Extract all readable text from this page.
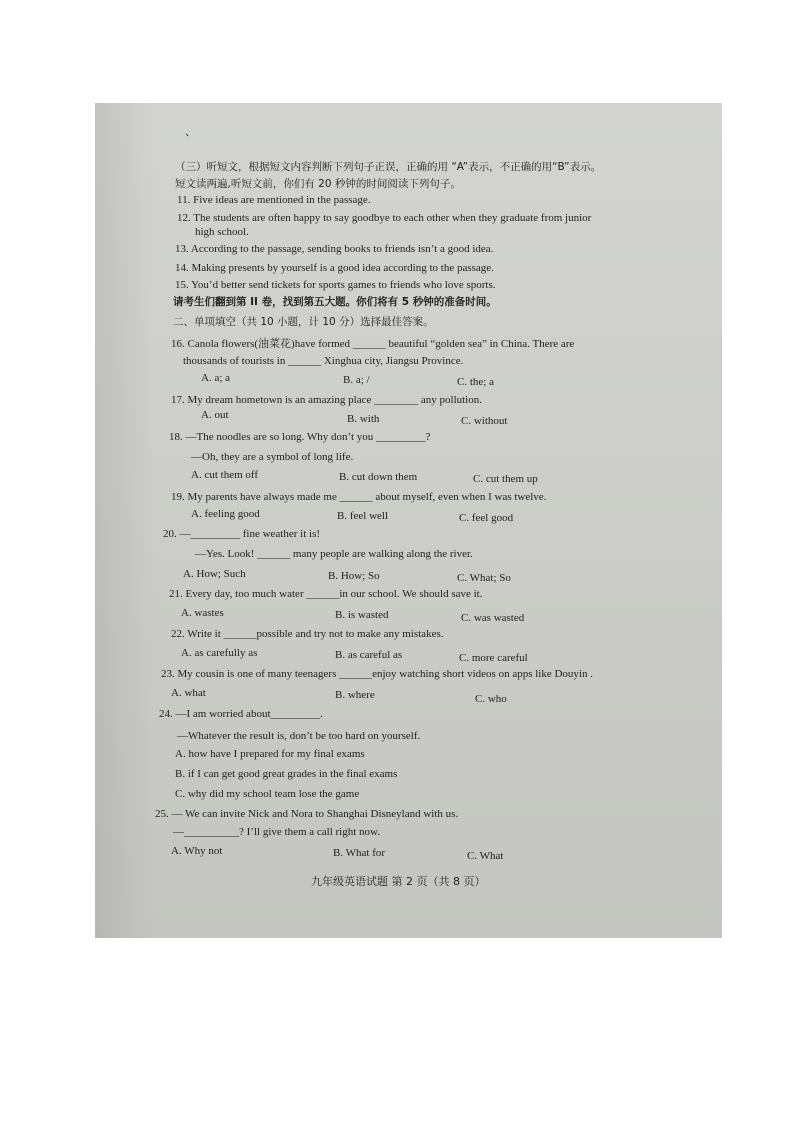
、
（三）听短文，根据短文内容判断下列句子正误，正确的用 “A”表示，不正确的用“B”表示。
短文读两遍,听短文前，你们有 20 秒钟的时间阅读下列句子。
11. Five ideas are mentioned in the passage.
12. The students are often happy to say goodbye to each other when they graduate from junior
high school.
13. According to the passage, sending books to friends isn’t a good idea.
14. Making presents by yourself is a good idea according to the passage.
15. You’d better send tickets for sports games to friends who love sports.
请考生们翻到第 II 卷，找到第五大题。你们将有 5 秒钟的准备时间。
二、单项填空（共 10 小题，计 10 分）选择最佳答案。
16. Canola flowers(油菜花)have formed ______ beautiful “golden sea” in China. There are
thousands of tourists in ______ Xinghua city, Jiangsu Province.
A. a; a	B. a; /	C. the; a
17. My dream hometown is an amazing place ________ any pollution.
A. out	B. with	C. without
18. —The noodles are so long. Why don’t you _________?
—Oh, they are a symbol of long life.
A. cut them off	B. cut down them	C. cut them up
19. My parents have always made me ______ about myself, even when I was twelve.
A. feeling good	B. feel well	C. feel good
20. —_________ fine weather it is!
—Yes. Look! ______ many people are walking along the river.
A. How; Such	B. How; So	C. What; So
21. Every day, too much water ______in our school. We should save it.
A. wastes	B. is wasted	C. was wasted
22. Write it ______possible and try not to make any mistakes.
A. as carefully as	B. as careful as	C. more careful
23. My cousin is one of many teenagers ______enjoy watching short videos on apps like Douyin .
A. what	B. where	C. who
24. —I am worried about_________.
—Whatever the result is, don’t be too hard on yourself.
A. how have I prepared for my final exams
B. if I can get good great grades in the final exams
C. why did my school team lose the game
25. — We can invite Nick and Nora to Shanghai Disneyland with us.
—__________? I’ll give them a call right now.
A. Why not	B. What for	C. What
九年级英语试题 第 2 页（共 8 页）
